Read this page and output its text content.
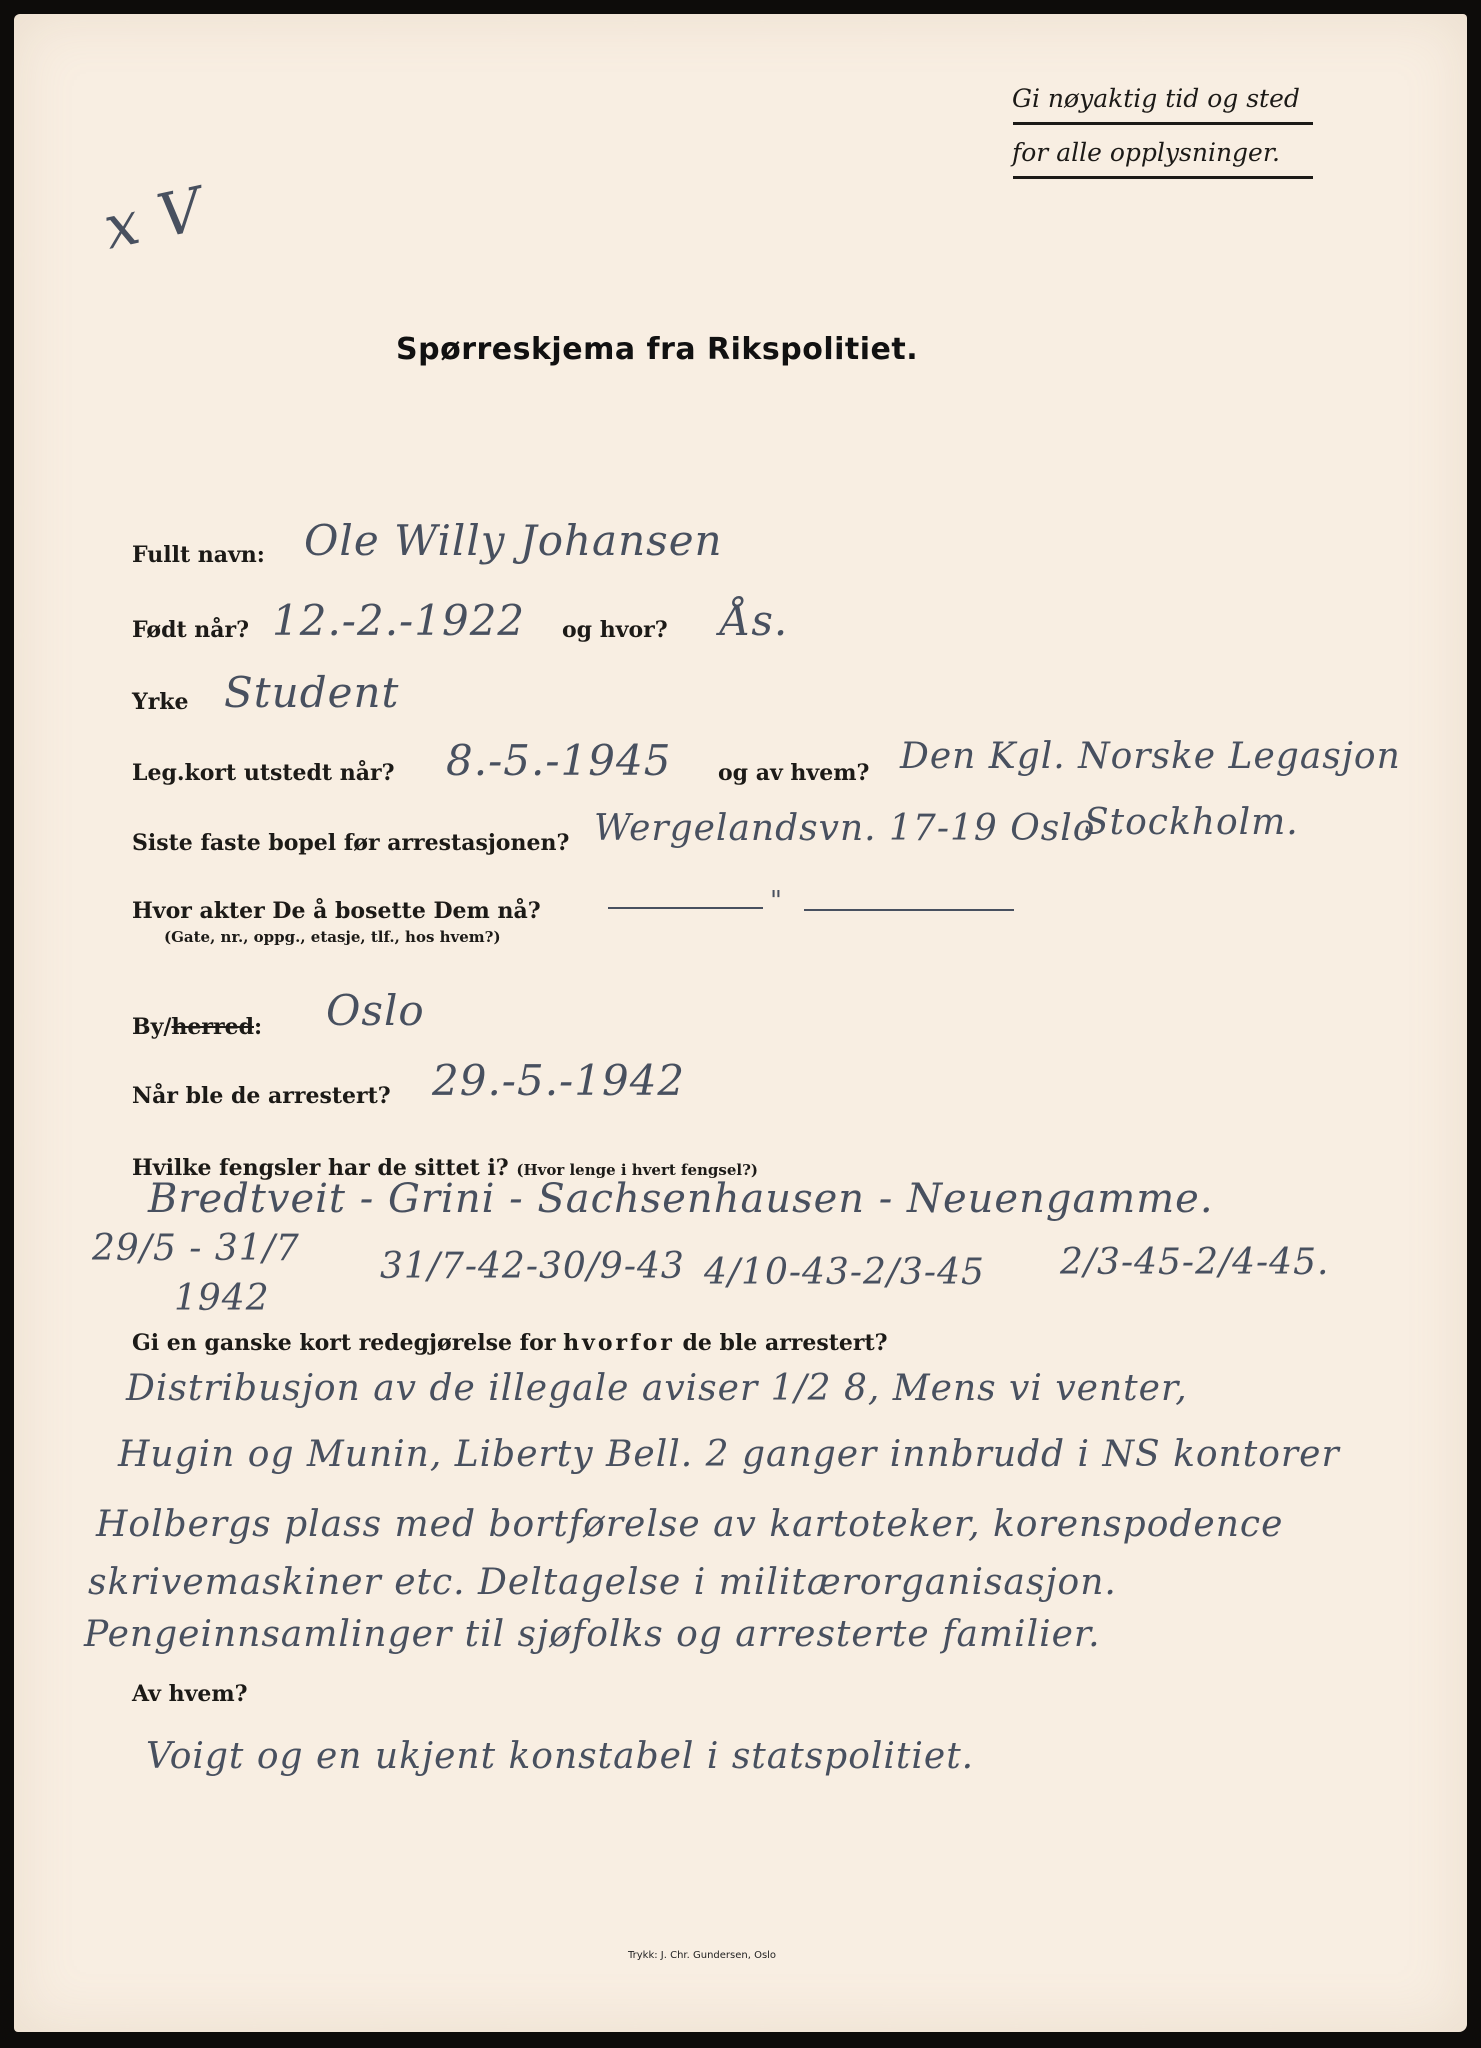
Gi nøyaktig tid og sted
for alle opplysninger.
x V
Spørreskjema fra Rikspolitiet.
Fullt navn: Ole Willy Johansen
Født når? 12.-2.-1922 og hvor? Ås.
Yrke Student
Leg.kort utstedt når? 8.-5.-1945 og av hvem? Den Kgl. Norske Legasjon
Siste faste bopel før arrestasjonen? Wergelandsvn. 17-19 Oslo
Stockholm.
Hvor akter De å bosette Dem nå?
(Gate, nr., oppg., etasje, tlf., hos hvem?)
"
By/herred: Oslo
Når ble de arrestert? 29.-5.-1942
Hvilke fengsler har de sittet i? (Hvor lenge i hvert fengsel?)
Bredtveit - Grini - Sachsenhausen - Neuengamme.
29/5 - 31/7
1942
31/7-42-30/9-43 4/10-43-2/3-45 2/3-45-2/4-45.
Gi en ganske kort redegjørelse for hvorfor de ble arrestert?
Distribusjon av de illegale aviser 1/2 8, Mens vi venter,
Hugin og Munin, Liberty Bell. 2 ganger innbrudd i NS kontorer
Holbergs plass med bortførelse av kartoteker, korenspodence
skrivemaskiner etc. Deltagelse i militærorganisasjon.
Pengeinnsamlinger til sjøfolks og arresterte familier.
Av hvem?
Voigt og en ukjent konstabel i statspolitiet.
Trykk: J. Chr. Gundersen, Oslo
